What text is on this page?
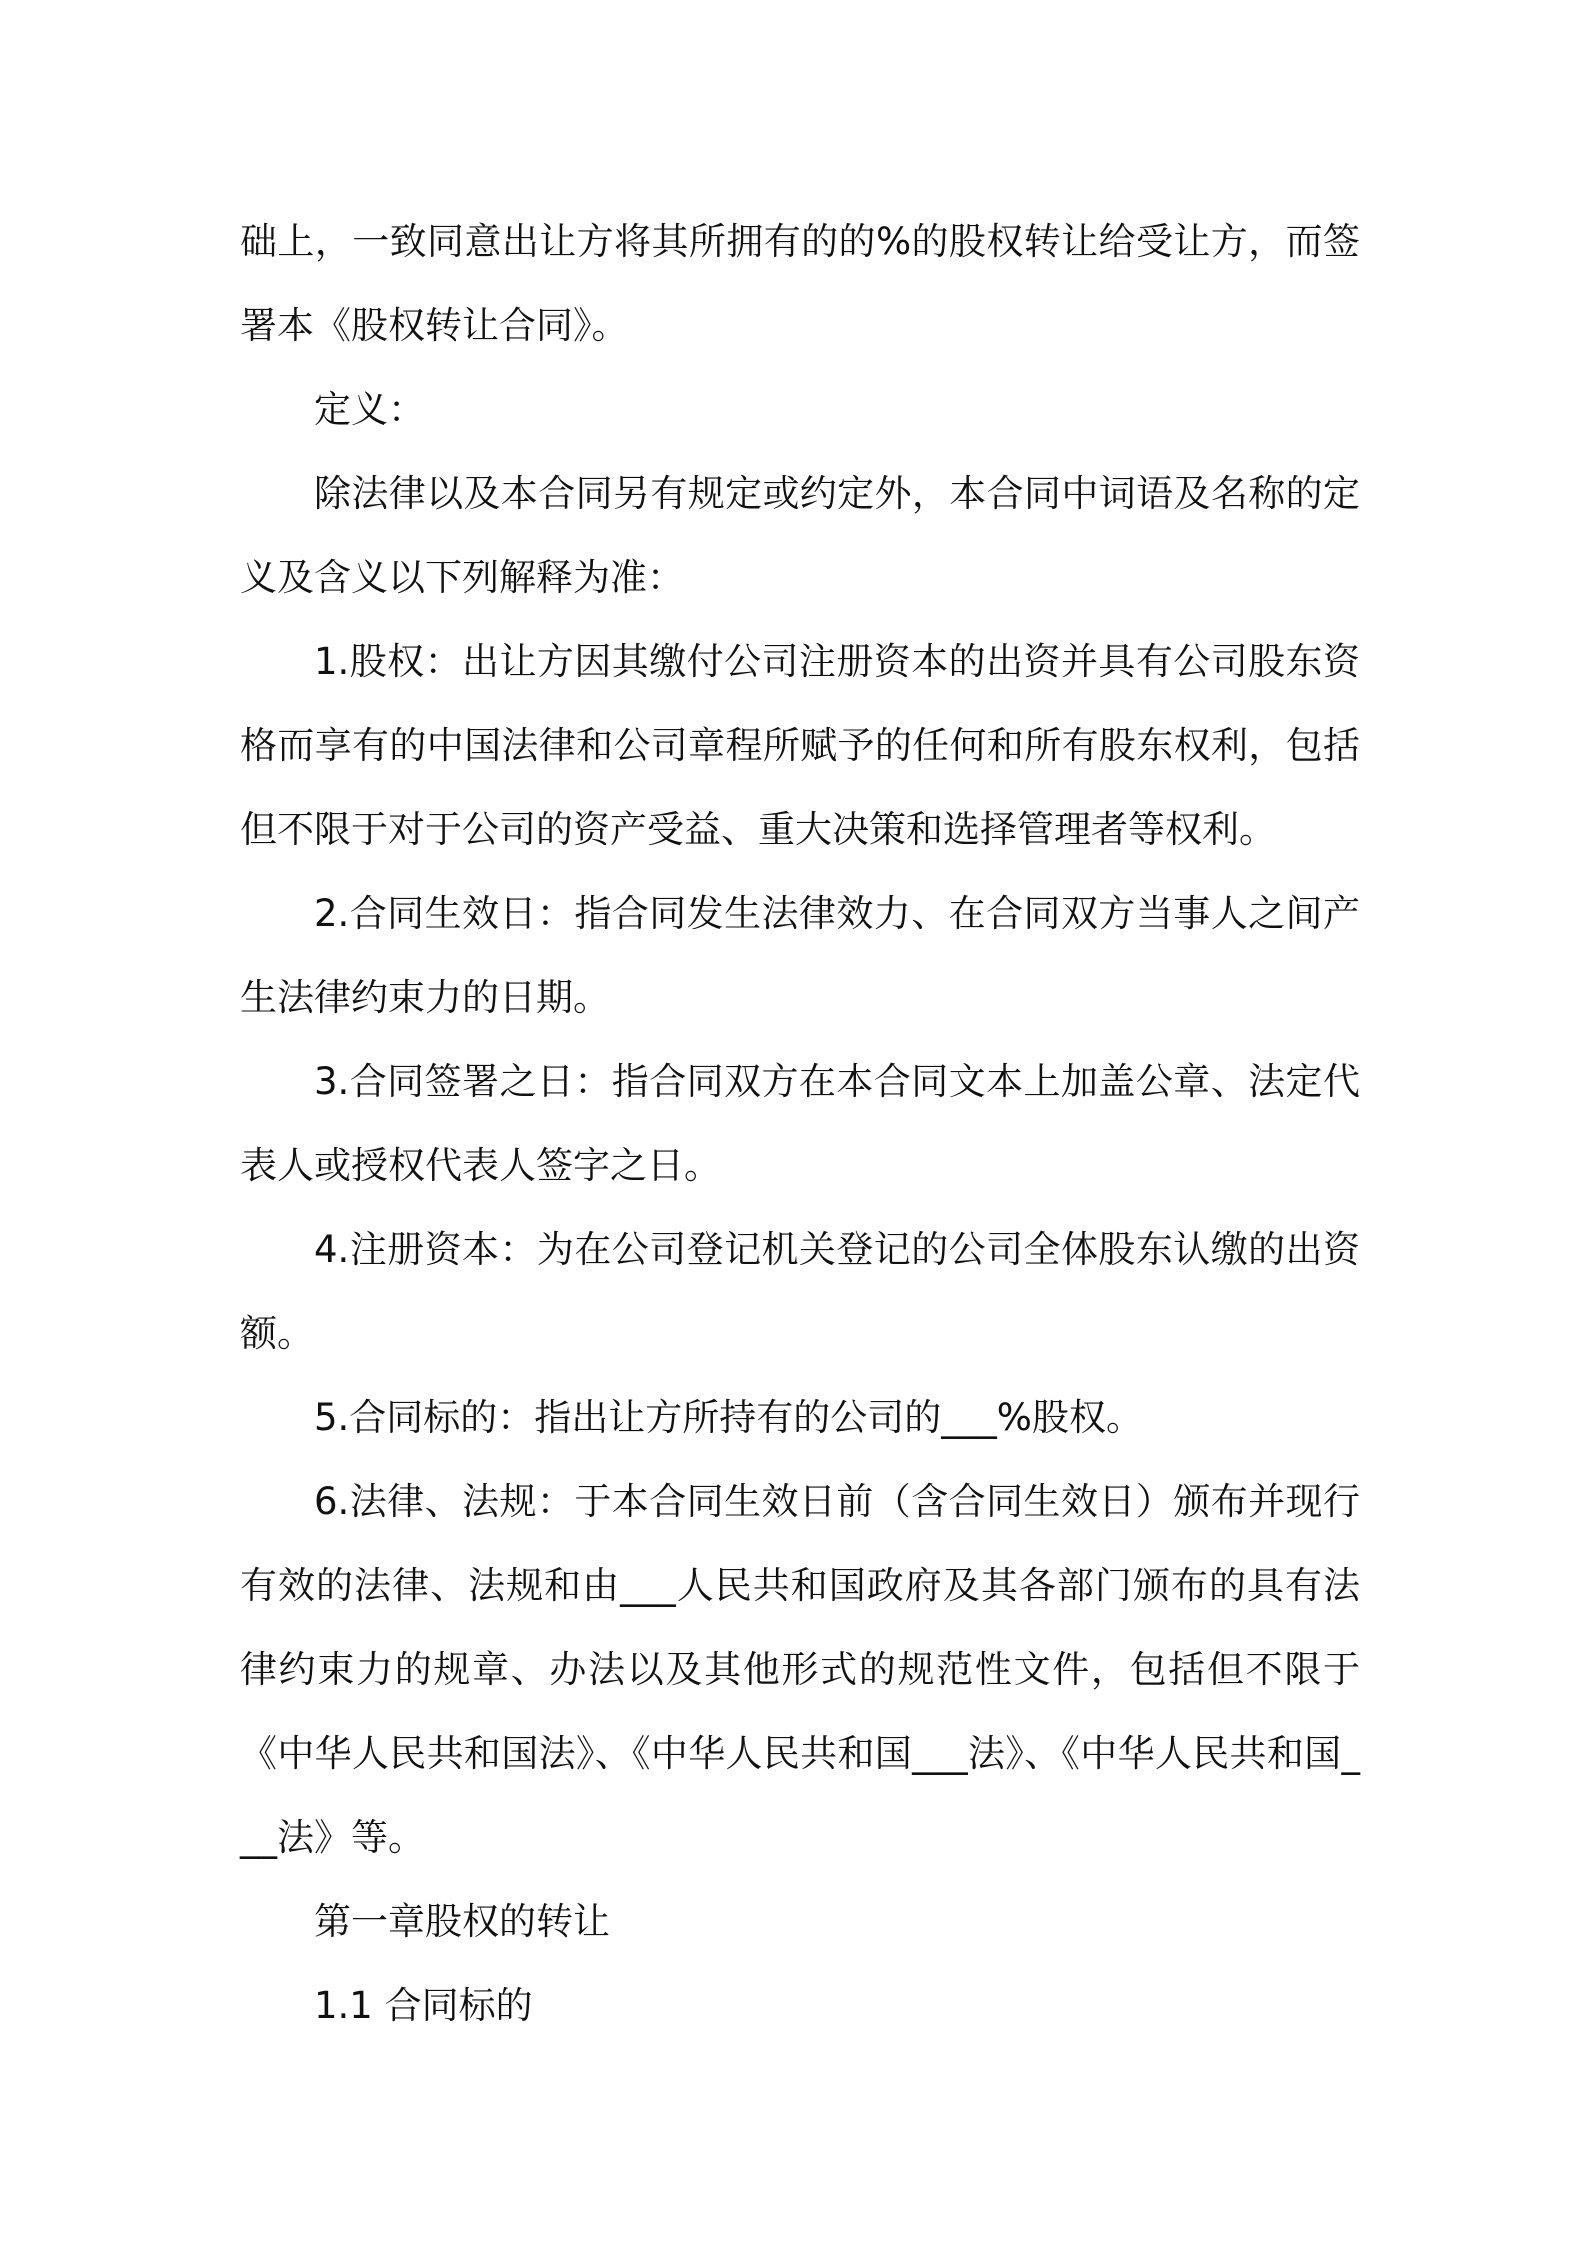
础上，一致同意出让方将其所拥有的的%的股权转让给受让方，而签署本《股权转让合同》。

定义：

除法律以及本合同另有规定或约定外，本合同中词语及名称的定义及含义以下列解释为准：

1.股权：出让方因其缴付公司注册资本的出资并具有公司股东资格而享有的中国法律和公司章程所赋予的任何和所有股东权利，包括但不限于对于公司的资产受益、重大决策和选择管理者等权利。

2.合同生效日：指合同发生法律效力、在合同双方当事人之间产生法律约束力的日期。

3.合同签署之日：指合同双方在本合同文本上加盖公章、法定代表人或授权代表人签字之日。

4.注册资本：为在公司登记机关登记的公司全体股东认缴的出资额。

5.合同标的：指出让方所持有的公司的___%股权。

6.法律、法规：于本合同生效日前（含合同生效日）颁布并现行有效的法律、法规和由___人民共和国政府及其各部门颁布的具有法律约束力的规章、办法以及其他形式的规范性文件，包括但不限于《中华人民共和国法》、《中华人民共和国___法》、《中华人民共和国___法》等。

第一章股权的转让

1.1 合同标的
